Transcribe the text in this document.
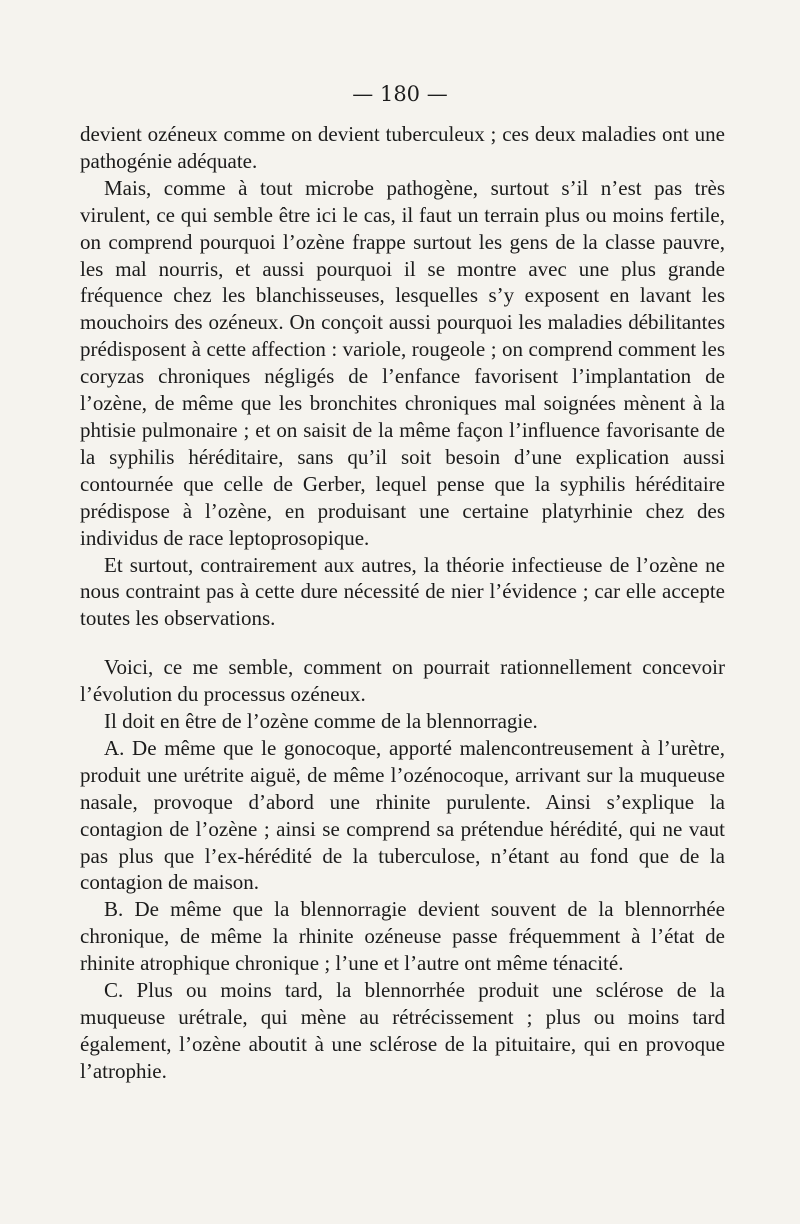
— 180 —

devient ozéneux comme on devient tuberculeux ; ces deux maladies ont une pathogénie adéquate.

Mais, comme à tout microbe pathogène, surtout s’il n’est pas très virulent, ce qui semble être ici le cas, il faut un terrain plus ou moins fertile, on comprend pourquoi l’ozène frappe surtout les gens de la classe pauvre, les mal nourris, et aussi pourquoi il se montre avec une plus grande fréquence chez les blanchisseuses, lesquelles s’y exposent en lavant les mouchoirs des ozéneux. On conçoit aussi pourquoi les maladies débilitantes prédisposent à cette affection : variole, rougeole ; on comprend comment les coryzas chroniques négligés de l’enfance favorisent l’implantation de l’ozène, de même que les bronchites chroniques mal soignées mènent à la phtisie pulmonaire ; et on saisit de la même façon l’influence favorisante de la syphilis héréditaire, sans qu’il soit besoin d’une explication aussi contournée que celle de Gerber, lequel pense que la syphilis héréditaire prédispose à l’ozène, en produisant une certaine platyrhinie chez des individus de race leptoprosopique.

Et surtout, contrairement aux autres, la théorie infectieuse de l’ozène ne nous contraint pas à cette dure nécessité de nier l’évidence ; car elle accepte toutes les observations.

Voici, ce me semble, comment on pourrait rationnellement concevoir l’évolution du processus ozéneux.

Il doit en être de l’ozène comme de la blennorragie.

A. De même que le gonocoque, apporté malencontreusement à l’urètre, produit une urétrite aiguë, de même l’ozénocoque, arrivant sur la muqueuse nasale, provoque d’abord une rhinite purulente. Ainsi s’explique la contagion de l’ozène ; ainsi se comprend sa prétendue hérédité, qui ne vaut pas plus que l’ex-hérédité de la tuberculose, n’étant au fond que de la contagion de maison.

B. De même que la blennorragie devient souvent de la blennorrhée chronique, de même la rhinite ozéneuse passe fréquemment à l’état de rhinite atrophique chronique ; l’une et l’autre ont même ténacité.

C. Plus ou moins tard, la blennorrhée produit une sclérose de la muqueuse urétrale, qui mène au rétrécissement ; plus ou moins tard également, l’ozène aboutit à une sclérose de la pituitaire, qui en provoque l’atrophie.
